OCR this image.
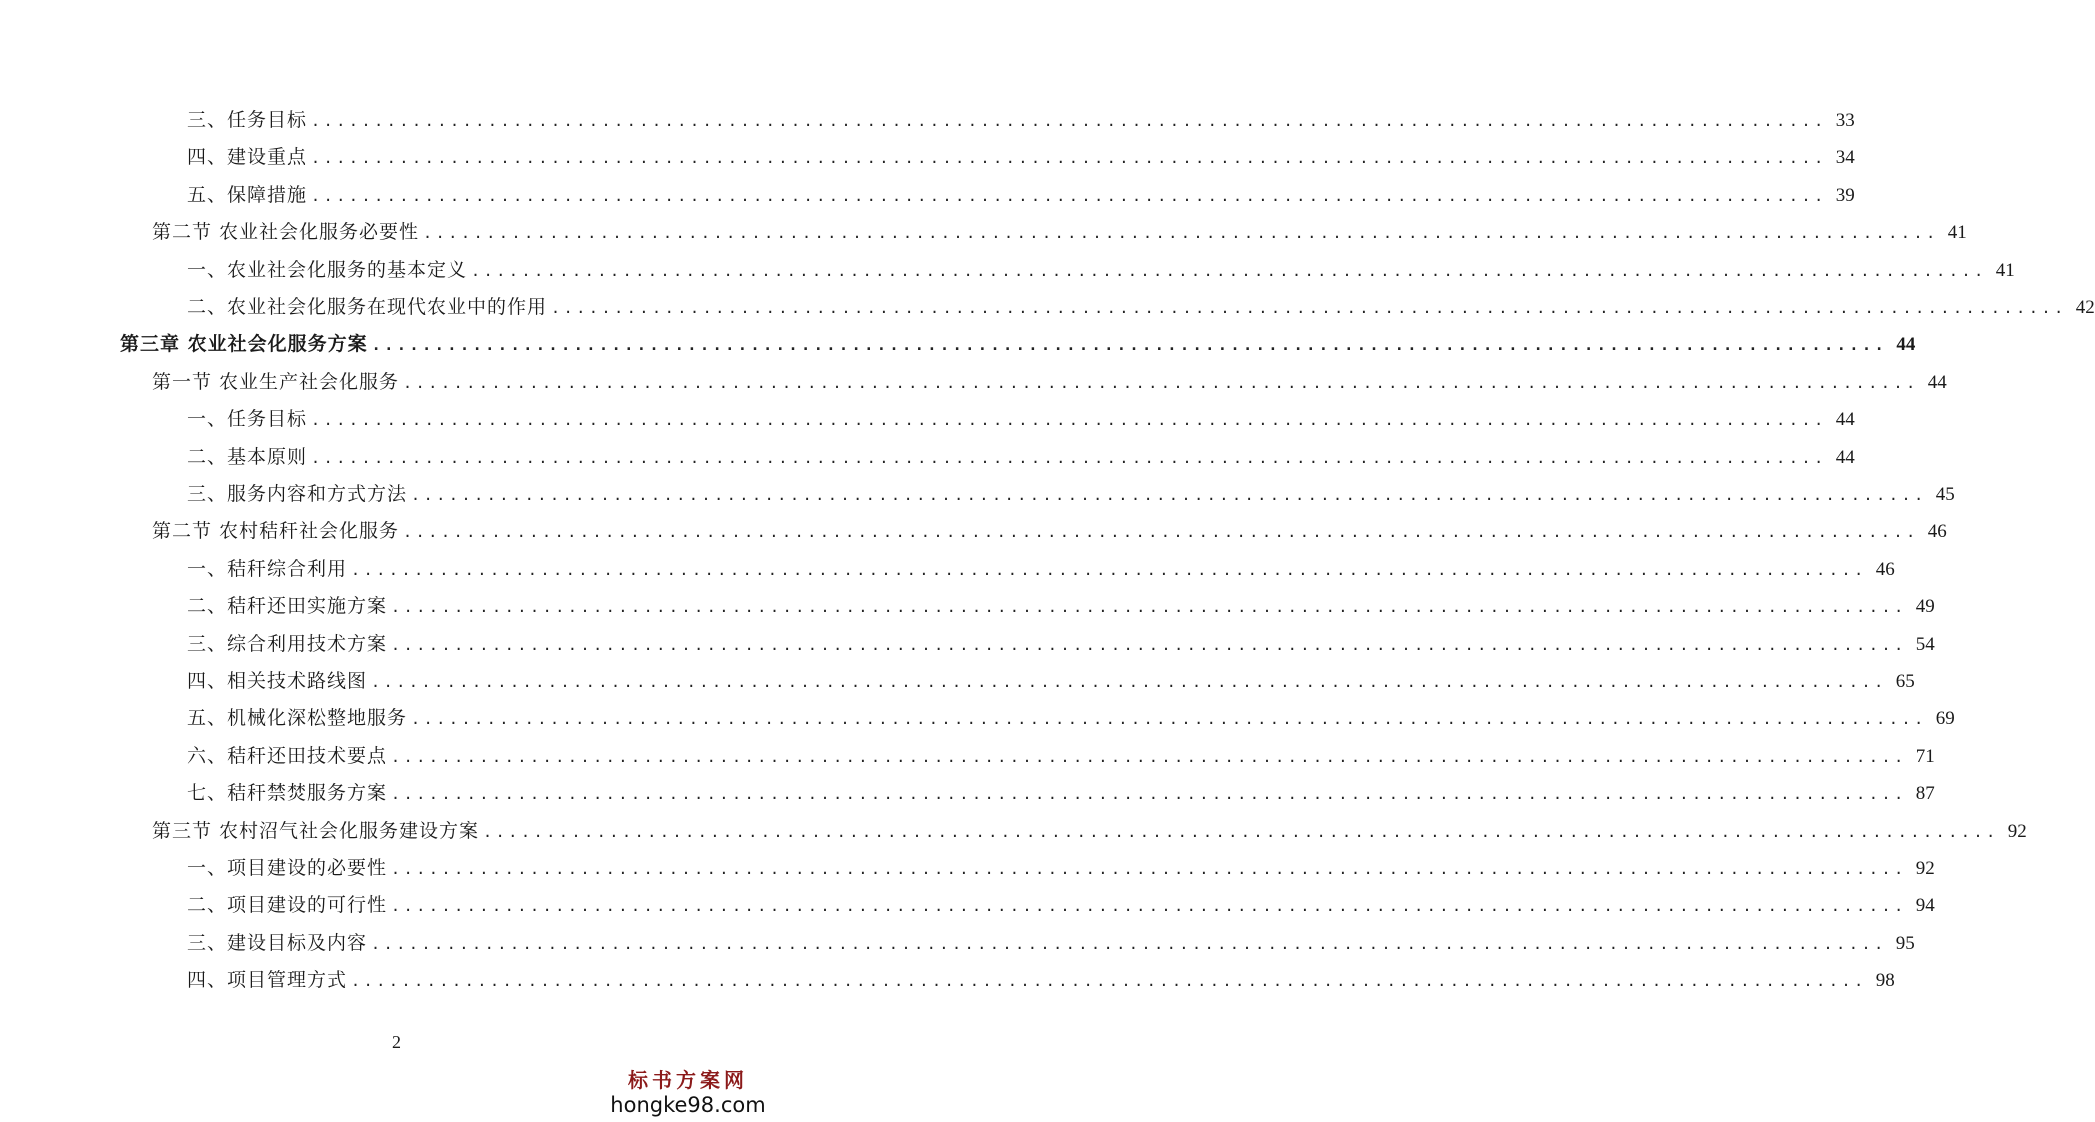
三、任务目标 ........................................................................................................................ 33
四、建设重点 ........................................................................................................................ 34
五、保障措施 ........................................................................................................................ 39
第二节 农业社会化服务必要性 ........................................................................................................................ 41
一、农业社会化服务的基本定义 ........................................................................................................................ 41
二、农业社会化服务在现代农业中的作用 ........................................................................................................................ 42
第三章 农业社会化服务方案 ........................................................................................................................ 44
第一节 农业生产社会化服务 ........................................................................................................................ 44
一、任务目标 ........................................................................................................................ 44
二、基本原则 ........................................................................................................................ 44
三、服务内容和方式方法 ........................................................................................................................ 45
第二节 农村秸秆社会化服务 ........................................................................................................................ 46
一、秸秆综合利用 ........................................................................................................................ 46
二、秸秆还田实施方案 ........................................................................................................................ 49
三、综合利用技术方案 ........................................................................................................................ 54
四、相关技术路线图 ........................................................................................................................ 65
五、机械化深松整地服务 ........................................................................................................................ 69
六、秸秆还田技术要点 ........................................................................................................................ 71
七、秸秆禁焚服务方案 ........................................................................................................................ 87
第三节 农村沼气社会化服务建设方案 ........................................................................................................................ 92
一、项目建设的必要性 ........................................................................................................................ 92
二、项目建设的可行性 ........................................................................................................................ 94
三、建设目标及内容 ........................................................................................................................ 95
四、项目管理方式 ........................................................................................................................ 98
2
标书方案网
hongke98.com
